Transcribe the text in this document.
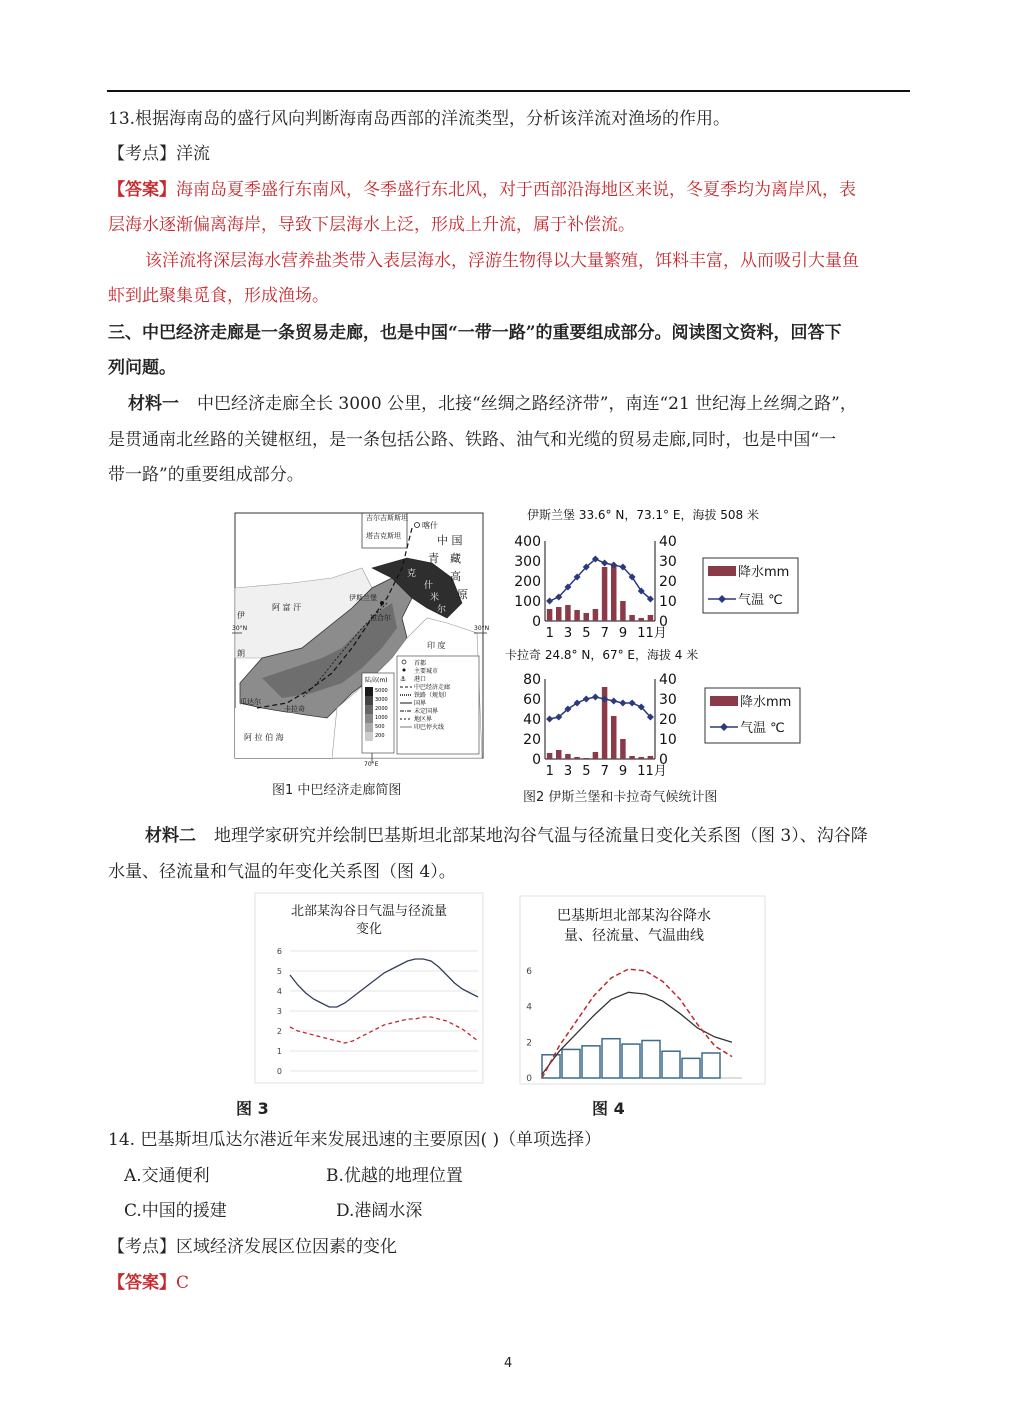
13.根据海南岛的盛行风向判断海南岛西部的洋流类型，分析该洋流对渔场的作用。
【考点】洋流
【答案】海南岛夏季盛行东南风，冬季盛行东北风，对于西部沿海地区来说，冬夏季均为离岸风，表
层海水逐渐偏离海岸，导致下层海水上泛，形成上升流，属于补偿流。
该洋流将深层海水营养盐类带入表层海水，浮游生物得以大量繁殖，饵料丰富，从而吸引大量鱼
虾到此聚集觅食，形成渔场。
三、中巴经济走廊是一条贸易走廊，也是中国“一带一路”的重要组成部分。阅读图文资料，回答下
列问题。
材料一 中巴经济走廊全长 3000 公里，北接“丝绸之路经济带”，南连“21 世纪海上丝绸之路”，
是贯通南北丝路的关键枢纽，是一条包括公路、铁路、油气和光缆的贸易走廊,同时，也是中国“一
带一路”的重要组成部分。
吉尔吉斯斯坦
塔吉克斯坦
喀什
中 国
青 藏
高
原
克
什
米
尔
阿 富 汗
伊
朗
伊斯兰堡
拉合尔
印 度
瓜达尔
卡拉奇
阿 拉 伯 海
30°N	30°N
70°E
首都
主要城市
⚓ 港口
中巴经济走廊
铁路（规划）
国界
未定国界
地区界
印巴停火线
陆高(m)
5000
3000
2000
1000
500
200
图1 中巴经济走廊简图
伊斯兰堡 33.6° N，73.1° E，海拔 508 米
0
100
200
300
400
0
10
20
30
40
1 3 5 7 9 11月
卡拉奇 24.8° N，67° E，海拔 4 米
0
20
40
60
80
0
10
20
30
40
1 3 5 7 9 11月
降水mm
气温 ℃
降水mm
气温 ℃
图2 伊斯兰堡和卡拉奇气候统计图
材料二 地理学家研究并绘制巴基斯坦北部某地沟谷气温与径流量日变化关系图（图 3）、沟谷降
水量、径流量和气温的年变化关系图（图 4）。
北部某沟谷日气温与径流量
变化
0
1
2
3
4
5
6
图 3
巴基斯坦北部某沟谷降水
量、径流量、气温曲线
0
2
4
6
图 4
14. 巴基斯坦瓜达尔港近年来发展迅速的主要原因( )（单项选择）
A.交通便利	B.优越的地理位置
C.中国的援建	D.港阔水深
【考点】区域经济发展区位因素的变化
【答案】C
4
